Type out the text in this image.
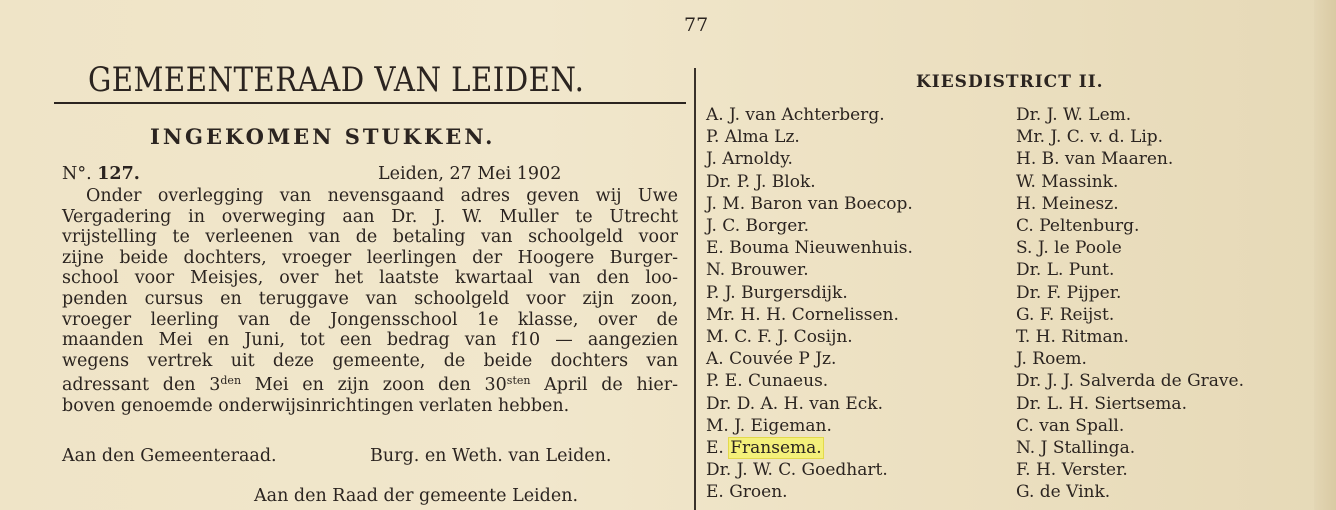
77
GEMEENTERAAD VAN LEIDEN.
INGEKOMEN STUKKEN.
N°. 127.	Leiden, 27 Mei 1902
Onder overlegging van nevensgaand adres geven wij Uwe
Vergadering in overweging aan Dr. J. W. Muller te Utrecht
vrijstelling te verleenen van de betaling van schoolgeld voor
zijne beide dochters, vroeger leerlingen der Hoogere Burger-
school voor Meisjes, over het laatste kwartaal van den loo-
penden cursus en teruggave van schoolgeld voor zijn zoon,
vroeger leerling van de Jongensschool 1e klasse, over de
maanden Mei en Juni, tot een bedrag van f10 — aangezien
wegens vertrek uit deze gemeente, de beide dochters van
adressant den $3^{den}$ Mei en zijn zoon den $30^{sten}$ April de hier-
boven genoemde onderwijsinrichtingen verlaten hebben.
Aan den Gemeenteraad.	Burg. en Weth. van Leiden.
Aan den Raad der gemeente Leiden.
KIESDISTRICT II.
A. J. van Achterberg.
P. Alma Lz.
J. Arnoldy.
Dr. P. J. Blok.
J. M. Baron van Boecop.
J. C. Borger.
E. Bouma Nieuwenhuis.
N. Brouwer.
P. J. Burgersdijk.
Mr. H. H. Cornelissen.
M. C. F. J. Cosijn.
A. Couvée P Jz.
P. E. Cunaeus.
Dr. D. A. H. van Eck.
M. J. Eigeman.
E. Fransema.
Dr. J. W. C. Goedhart.
E. Groen.
Dr. J. W. Lem.
Mr. J. C. v. d. Lip.
H. B. van Maaren.
W. Massink.
H. Meinesz.
C. Peltenburg.
S. J. le Poole
Dr. L. Punt.
Dr. F. Pijper.
G. F. Reijst.
T. H. Ritman.
J. Roem.
Dr. J. J. Salverda de Grave.
Dr. L. H. Siertsema.
C. van Spall.
N. J Stallinga.
F. H. Verster.
G. de Vink.
